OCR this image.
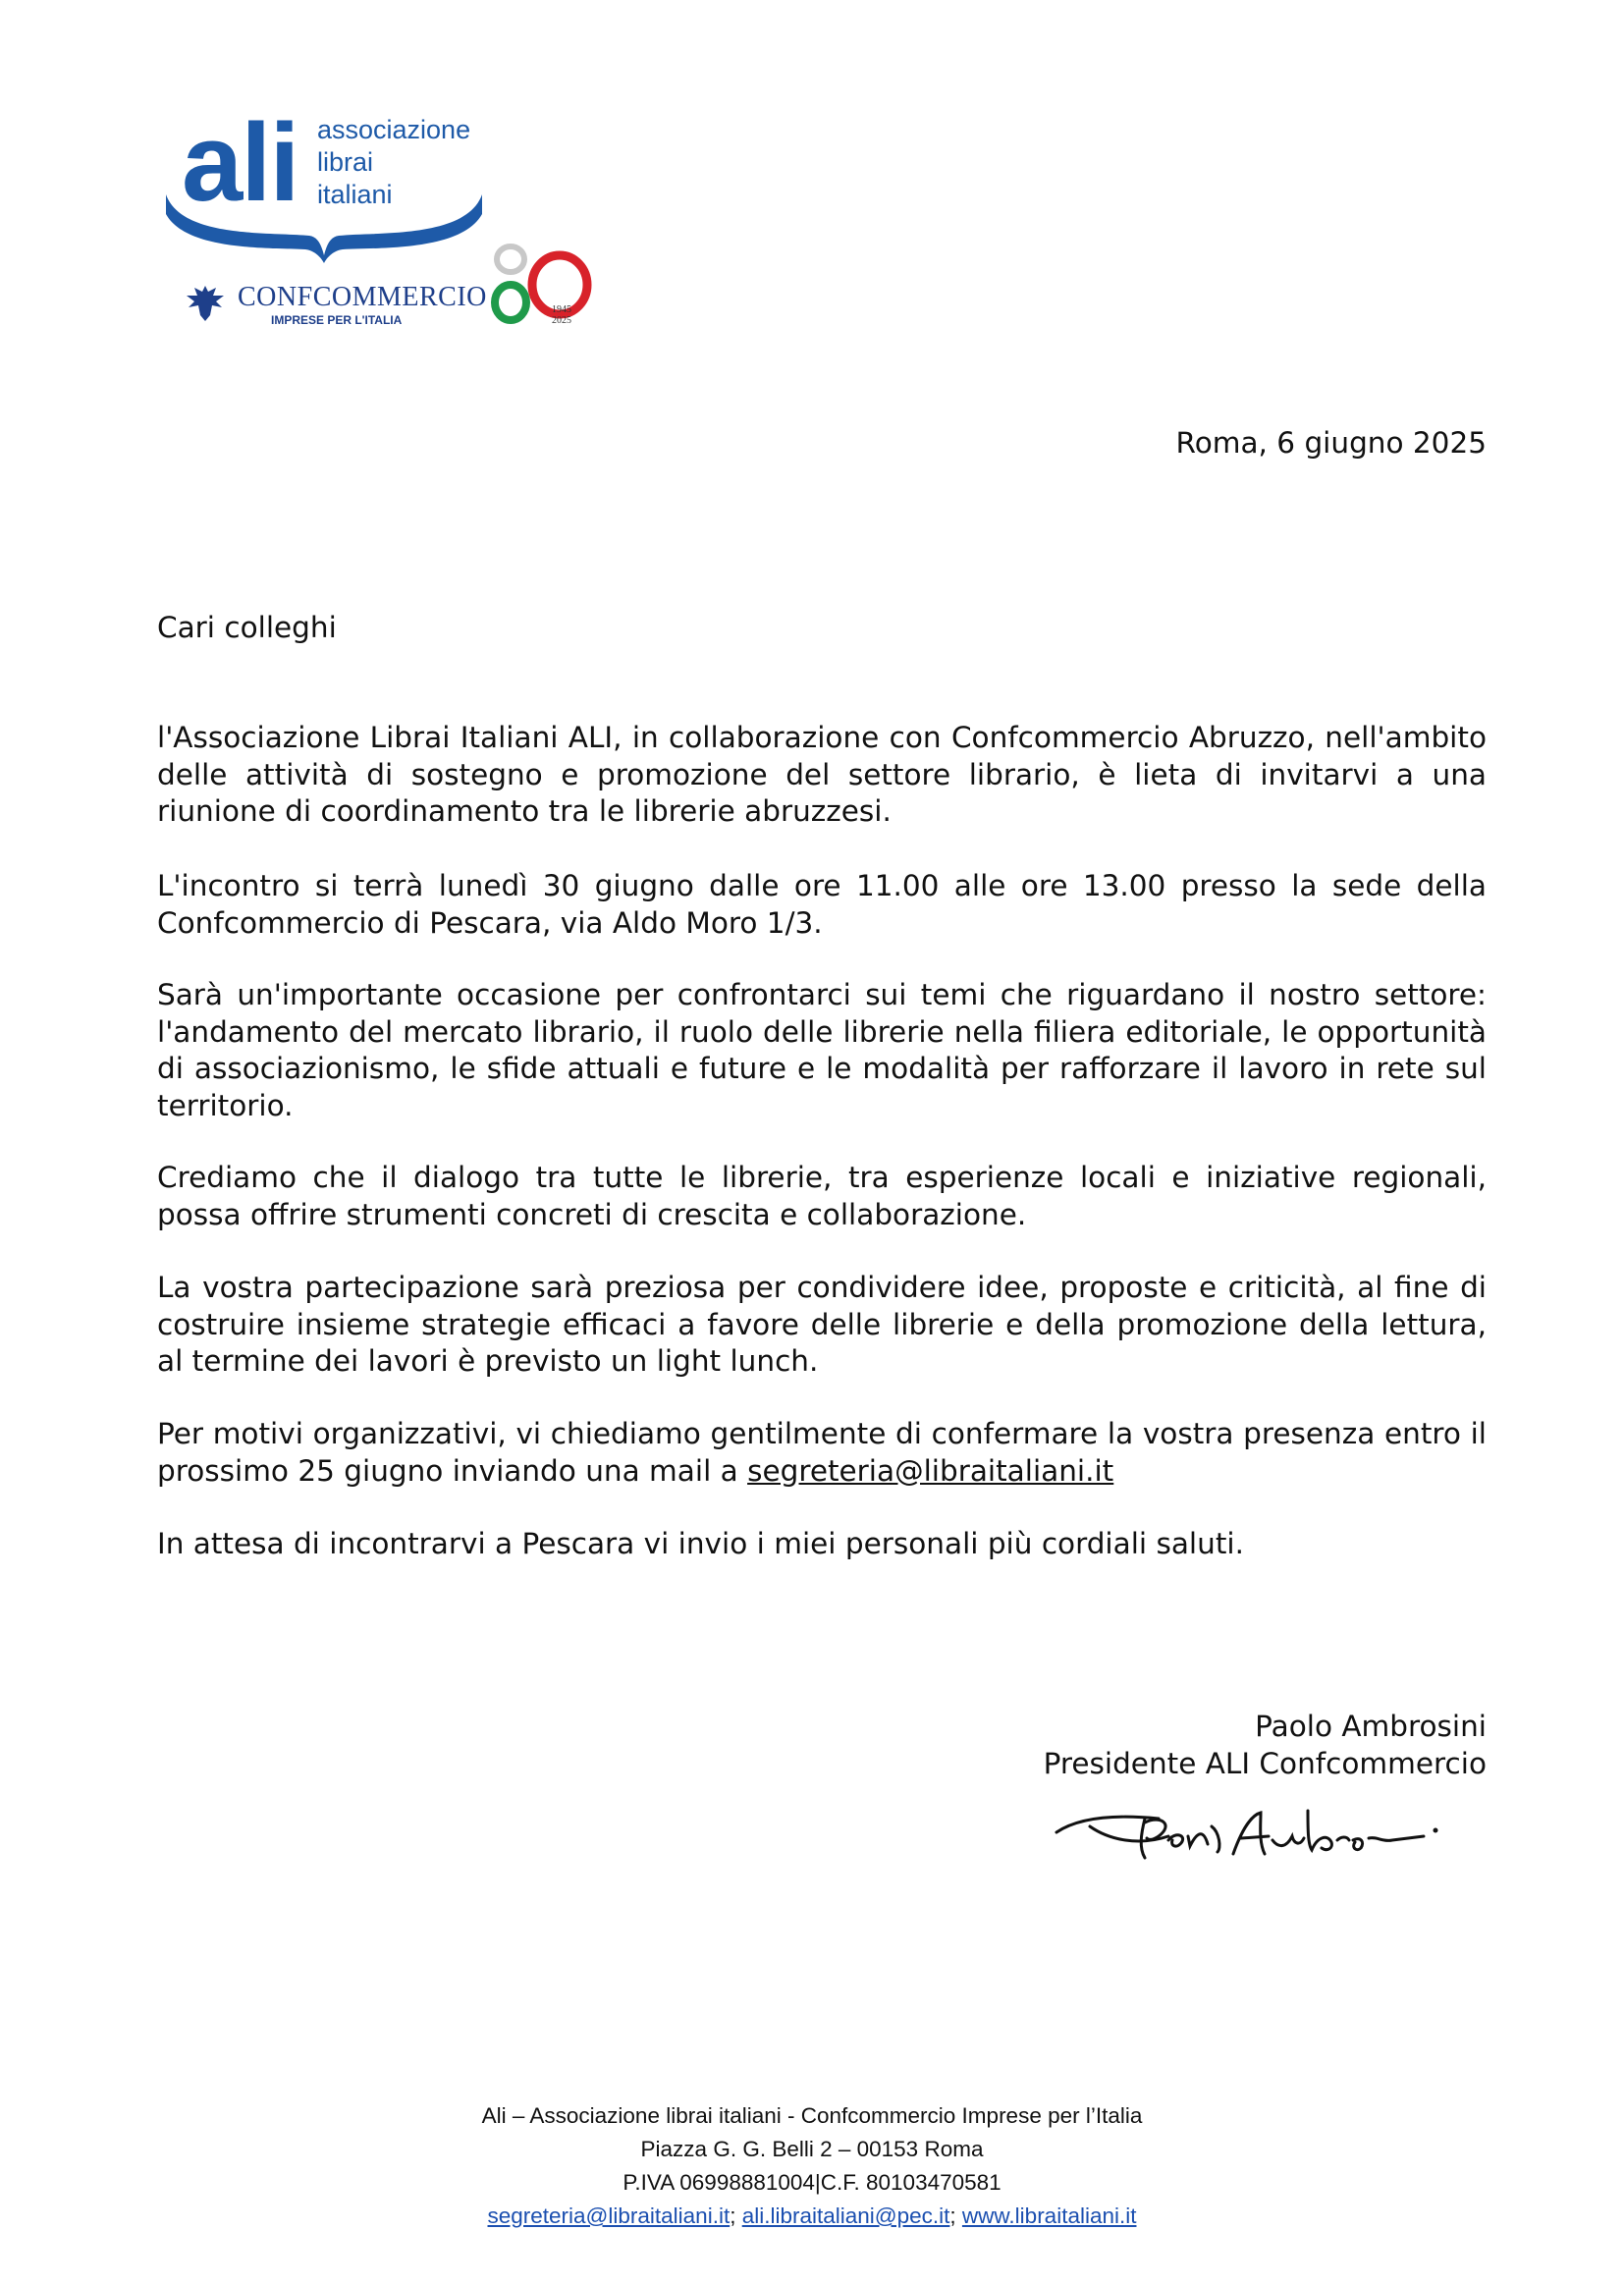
ali associazione
librai
italiani
CONFCOMMERCIO
IMPRESE PER L'ITALIA
1945
2025
Roma, 6 giugno 2025
Cari colleghi
l'Associazione Librai Italiani ALI, in collaborazione con Confcommercio Abruzzo, nell'ambito delle attività di sostegno e promozione del settore librario, è lieta di invitarvi a una riunione di coordinamento tra le librerie abruzzesi.
L'incontro si terrà lunedì 30 giugno dalle ore 11.00 alle ore 13.00 presso la sede della Confcommercio di Pescara, via Aldo Moro 1/3.
Sarà un'importante occasione per confrontarci sui temi che riguardano il nostro settore: l'andamento del mercato librario, il ruolo delle librerie nella filiera editoriale, le opportunità di associazionismo, le sfide attuali e future e le modalità per rafforzare il lavoro in rete sul territorio.
Crediamo che il dialogo tra tutte le librerie, tra esperienze locali e iniziative regionali, possa offrire strumenti concreti di crescita e collaborazione.
La vostra partecipazione sarà preziosa per condividere idee, proposte e criticità, al fine di costruire insieme strategie efficaci a favore delle librerie e della promozione della lettura, al termine dei lavori è previsto un light lunch.
Per motivi organizzativi, vi chiediamo gentilmente di confermare la vostra presenza entro il prossimo 25 giugno inviando una mail a segreteria@libraitaliani.it
In attesa di incontrarvi a Pescara vi invio i miei personali più cordiali saluti.
Paolo Ambrosini
Presidente ALI Confcommercio
Ali – Associazione librai italiani - Confcommercio Imprese per l’Italia
Piazza G. G. Belli 2 – 00153 Roma
P.IVA 06998881004|C.F. 80103470581
segreteria@libraitaliani.it; ali.libraitaliani@pec.it; www.libraitaliani.it
